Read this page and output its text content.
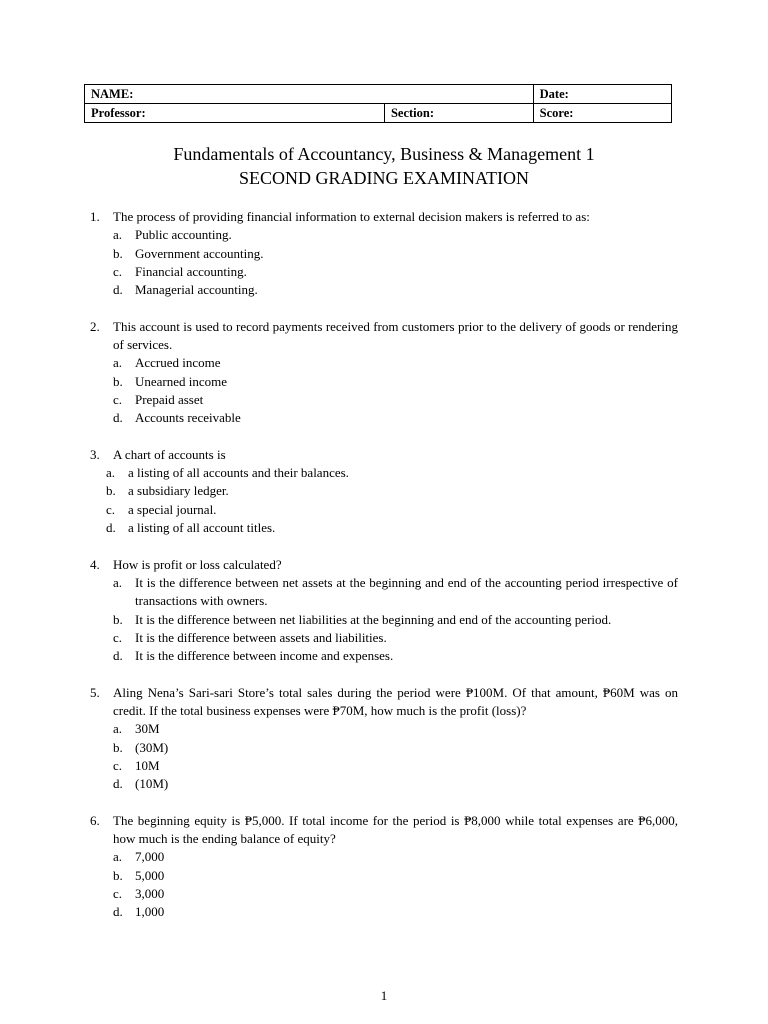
NAME:		Date:
Professor:	Section:	Score:
Fundamentals of Accountancy, Business & Management 1
SECOND GRADING EXAMINATION
1. The process of providing financial information to external decision makers is referred to as:
a. Public accounting.
b. Government accounting.
c. Financial accounting.
d. Managerial accounting.
2. This account is used to record payments received from customers prior to the delivery of goods or rendering of services.
a. Accrued income
b. Unearned income
c. Prepaid asset
d. Accounts receivable
3. A chart of accounts is
a. a listing of all accounts and their balances.
b. a subsidiary ledger.
c. a special journal.
d. a listing of all account titles.
4. How is profit or loss calculated?
a. It is the difference between net assets at the beginning and end of the accounting period irrespective of transactions with owners.
b. It is the difference between net liabilities at the beginning and end of the accounting period.
c. It is the difference between assets and liabilities.
d. It is the difference between income and expenses.
5. Aling Nena’s Sari-sari Store’s total sales during the period were ₱100M. Of that amount, ₱60M was on credit. If the total business expenses were ₱70M, how much is the profit (loss)?
a. 30M
b. (30M)
c. 10M
d. (10M)
6. The beginning equity is ₱5,000. If total income for the period is ₱8,000 while total expenses are ₱6,000, how much is the ending balance of equity?
a. 7,000
b. 5,000
c. 3,000
d. 1,000
1
